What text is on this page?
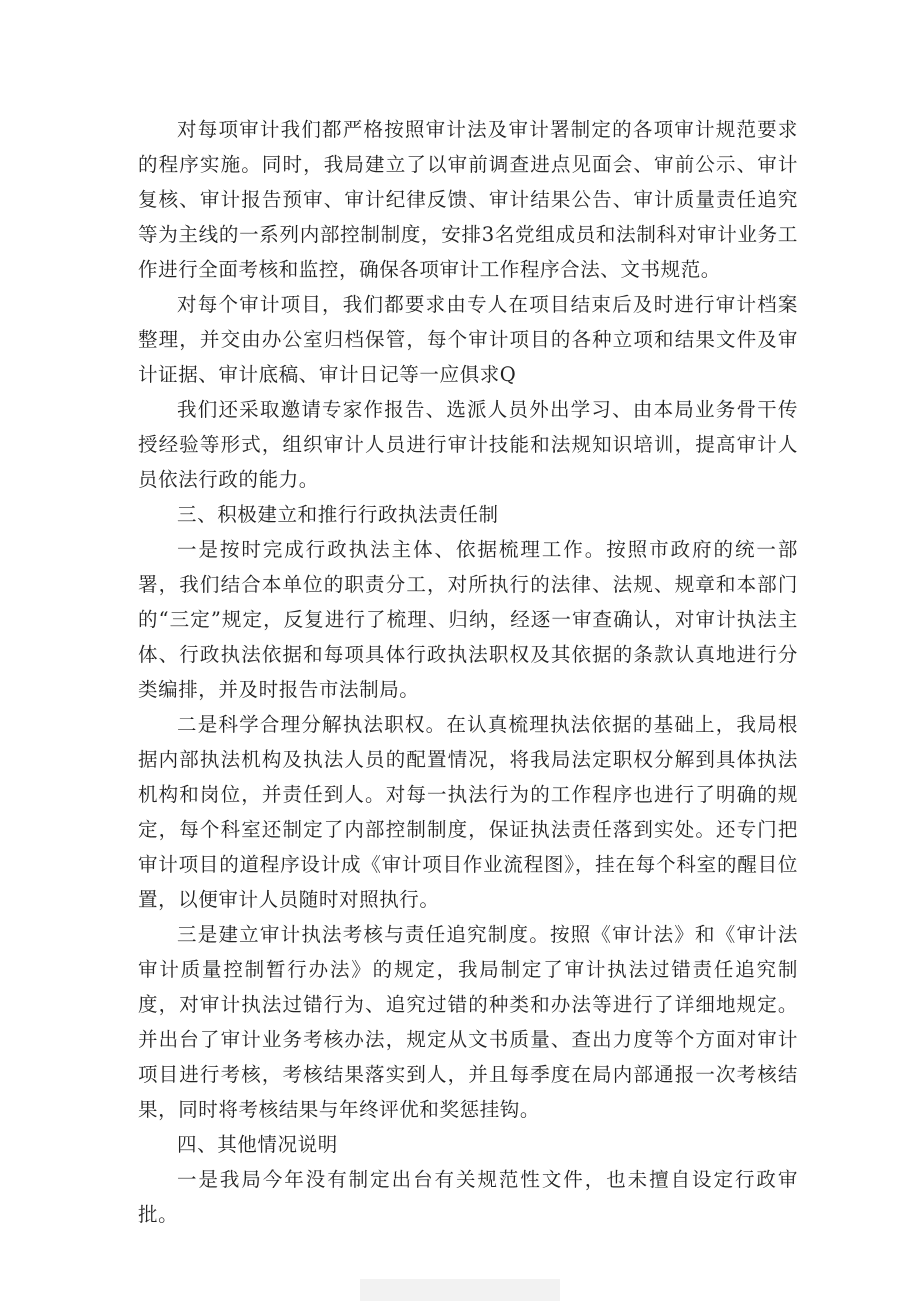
对每项审计我们都严格按照审计法及审计署制定的各项审计规范要求的程序实施。同时，我局建立了以审前调查进点见面会、审前公示、审计复核、审计报告预审、审计纪律反馈、审计结果公告、审计质量责任追究等为主线的一系列内部控制制度，安排3名党组成员和法制科对审计业务工作进行全面考核和监控，确保各项审计工作程序合法、文书规范。

对每个审计项目，我们都要求由专人在项目结束后及时进行审计档案整理，并交由办公室归档保管，每个审计项目的各种立项和结果文件及审计证据、审计底稿、审计日记等一应俱求Q

我们还采取邀请专家作报告、选派人员外出学习、由本局业务骨干传授经验等形式，组织审计人员进行审计技能和法规知识培训，提高审计人员依法行政的能力。

三、积极建立和推行行政执法责任制

一是按时完成行政执法主体、依据梳理工作。按照市政府的统一部署，我们结合本单位的职责分工，对所执行的法律、法规、规章和本部门的“三定”规定，反复进行了梳理、归纳，经逐一审查确认，对审计执法主体、行政执法依据和每项具体行政执法职权及其依据的条款认真地进行分类编排，并及时报告市法制局。

二是科学合理分解执法职权。在认真梳理执法依据的基础上，我局根据内部执法机构及执法人员的配置情况，将我局法定职权分解到具体执法机构和岗位，并责任到人。对每一执法行为的工作程序也进行了明确的规定，每个科室还制定了内部控制制度，保证执法责任落到实处。还专门把审计项目的道程序设计成《审计项目作业流程图》，挂在每个科室的醒目位置，以便审计人员随时对照执行。

三是建立审计执法考核与责任追究制度。按照《审计法》和《审计法审计质量控制暂行办法》的规定，我局制定了审计执法过错责任追究制度，对审计执法过错行为、追究过错的种类和办法等进行了详细地规定。并出台了审计业务考核办法，规定从文书质量、查出力度等个方面对审计项目进行考核，考核结果落实到人，并且每季度在局内部通报一次考核结果，同时将考核结果与年终评优和奖惩挂钩。

四、其他情况说明

一是我局今年没有制定出台有关规范性文件，也未擅自设定行政审批。
